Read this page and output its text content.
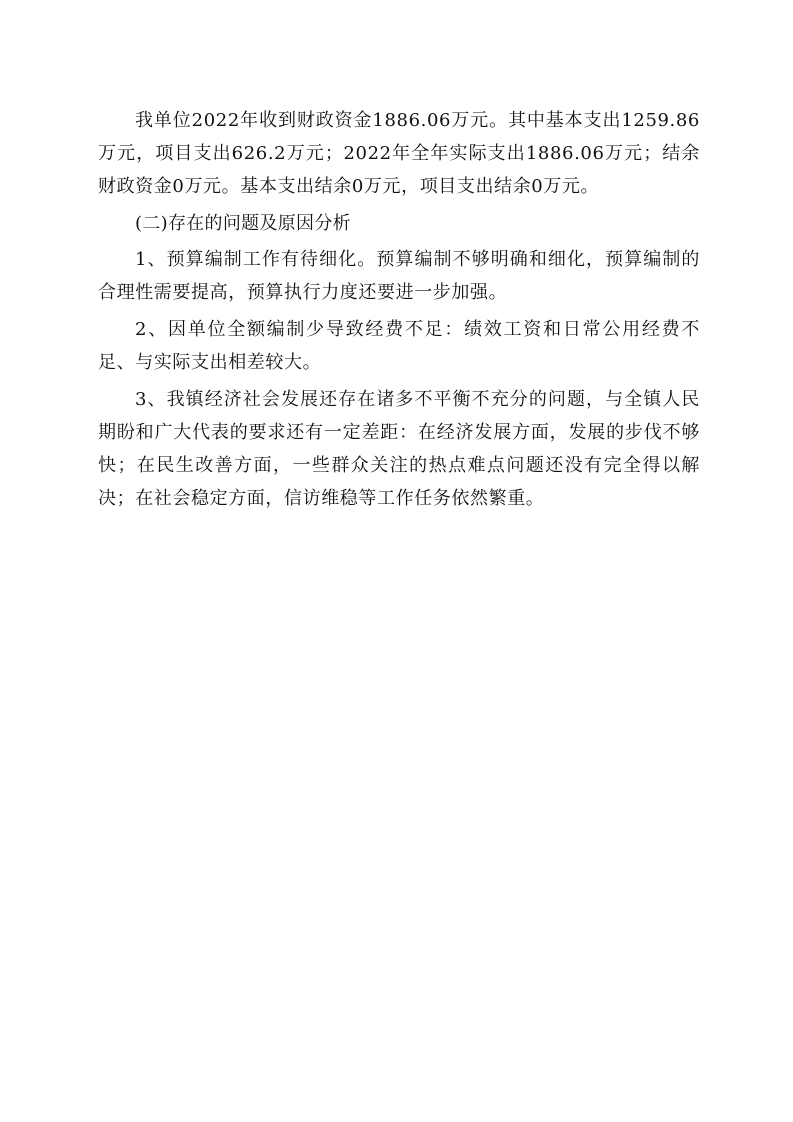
我单位2022年收到财政资金1886.06万元。其中基本支出1259.86万元，项目支出626.2万元；2022年全年实际支出1886.06万元；结余财政资金0万元。基本支出结余0万元，项目支出结余0万元。

(二)存在的问题及原因分析

1、预算编制工作有待细化。预算编制不够明确和细化，预算编制的合理性需要提高，预算执行力度还要进一步加强。

2、因单位全额编制少导致经费不足：绩效工资和日常公用经费不足、与实际支出相差较大。

3、我镇经济社会发展还存在诸多不平衡不充分的问题，与全镇人民期盼和广大代表的要求还有一定差距：在经济发展方面，发展的步伐不够快；在民生改善方面，一些群众关注的热点难点问题还没有完全得以解决；在社会稳定方面，信访维稳等工作任务依然繁重。
